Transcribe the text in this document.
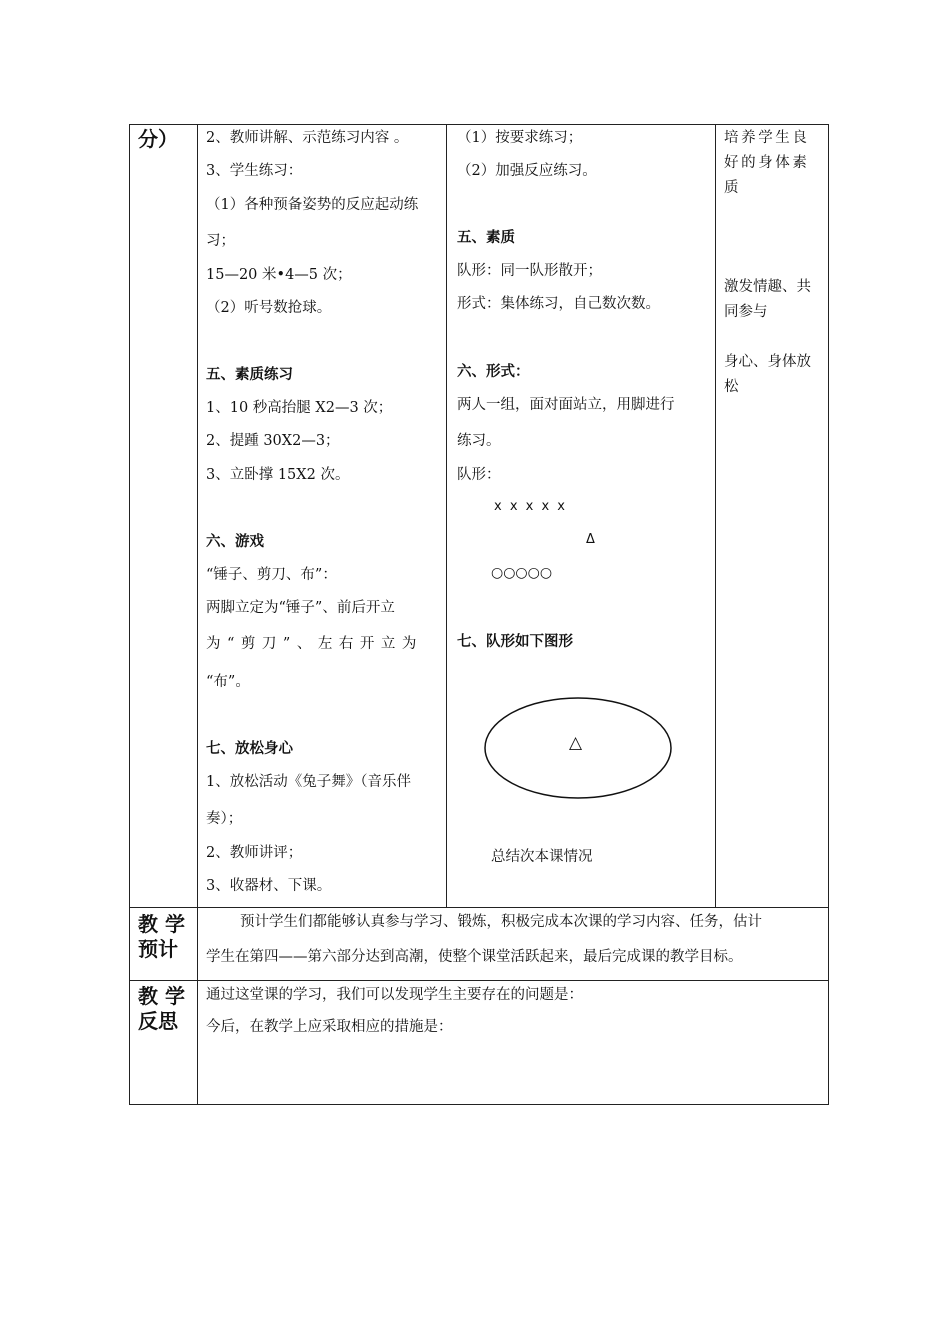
分）
教 学
预计
教 学
反思
2、教师讲解、示范练习内容 。
3、学生练习：
（1）各种预备姿势的反应起动练
习；
15—20 米•4—5 次；
（2）听号数抢球。
五、素质练习
1、10 秒高抬腿 X2—3 次；
2、提踵 30X2—3；
3、立卧撑 15X2 次。
六、游戏
“锤子、剪刀、布”：
两脚立定为“锤子”、前后开立
为“剪刀”、左右开立为
“布”。
七、放松身心
1、放松活动《兔子舞》（音乐伴
奏）；
2、教师讲评；
3、收器材、下课。
（1）按要求练习；
（2）加强反应练习。
五、素质
队形：同一队形散开；
形式：集体练习，自己数次数。
六、形式：
两人一组，面对面站立，用脚进行
练习。
队形：
x x x x x
Δ
○○○○○
七、队形如下图形
△
总结次本课情况
培养学生良
好的身体素
质
激发情趣、共
同参与
身心、身体放
松
预计学生们都能够认真参与学习、锻炼，积极完成本次课的学习内容、任务，估计
学生在第四——第六部分达到高潮，使整个课堂活跃起来，最后完成课的教学目标。
通过这堂课的学习，我们可以发现学生主要存在的问题是：
今后，在教学上应采取相应的措施是：
